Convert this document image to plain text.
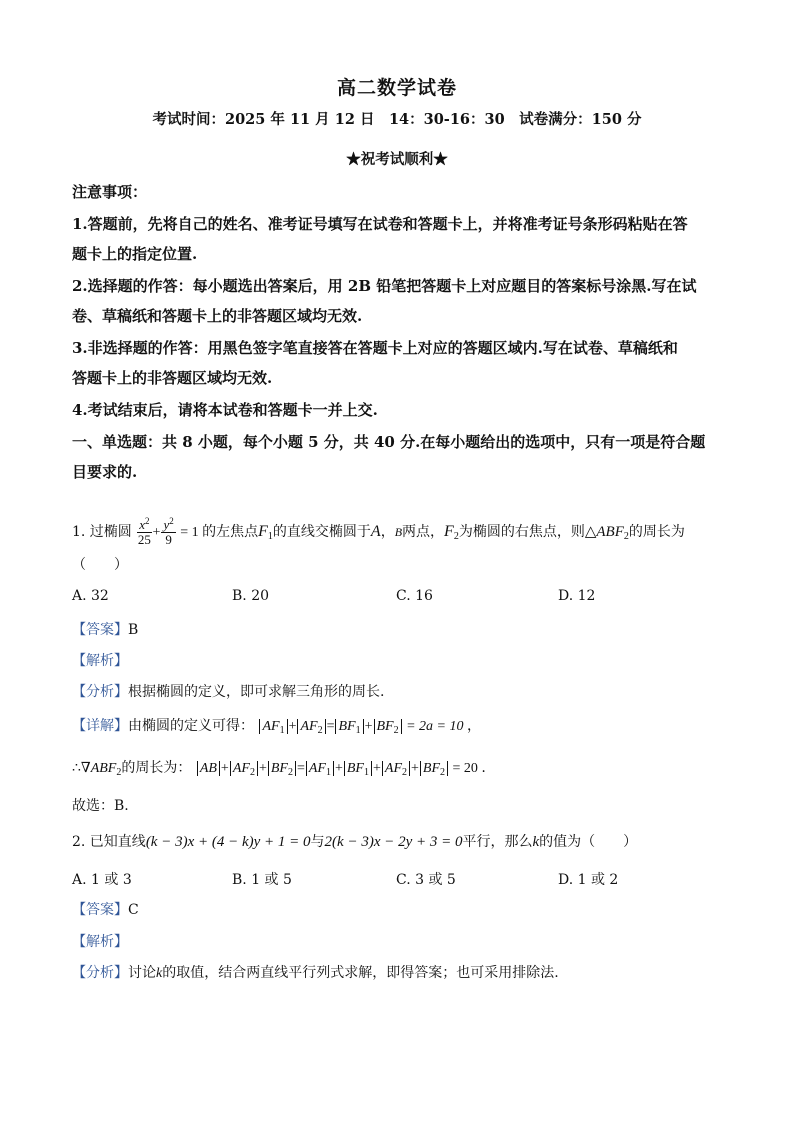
高二数学试卷
考试时间：2025 年 11 月 12 日　14：30-16：30　试卷满分：150 分
★祝考试顺利★
注意事项：
1.答题前，先将自己的姓名、准考证号填写在试卷和答题卡上，并将准考证号条形码粘贴在答
题卡上的指定位置.
2.选择题的作答：每小题选出答案后，用 2B 铅笔把答题卡上对应题目的答案标号涂黑.写在试
卷、草稿纸和答题卡上的非答题区域均无效.
3.非选择题的作答：用黑色签字笔直接答在答题卡上对应的答题区域内.写在试卷、草稿纸和
答题卡上的非答题区域均无效.
4.考试结束后，请将本试卷和答题卡一并上交.
一、单选题：共 8 小题，每个小题 5 分，共 40 分.在每小题给出的选项中，只有一项是符合题
目要求的.
1. 过椭圆 $\frac{x^2}{25} + \frac{y^2}{9} = 1$ 的左焦点$F_1$的直线交椭圆于A，B两点，$F_2$为椭圆的右焦点，则$\triangle ABF_2$的周长为
（　　）
A. 32	B. 20	C. 16	D. 12
【答案】B
【解析】
【分析】根据椭圆的定义，即可求解三角形的周长.
【详解】由椭圆的定义可得： $AF_1 + AF_2 = BF_1 + BF_2 = 2a = 10$ ，
$\therefore\nabla ABF_2$的周长为： AB + $AF_2 + BF_2 = AF_1 + BF_1 + AF_2 + BF_2 = 20$ .
故选：B.
2. 已知直线(k − 3)x + (4 − k)y + 1 = 0与2(k − 3)x − 2y + 3 = 0平行，那么k的值为（　　）
A. 1 或 3	B. 1 或 5	C. 3 或 5	D. 1 或 2
【答案】C
【解析】
【分析】讨论k的取值，结合两直线平行列式求解，即得答案；也可采用排除法.
